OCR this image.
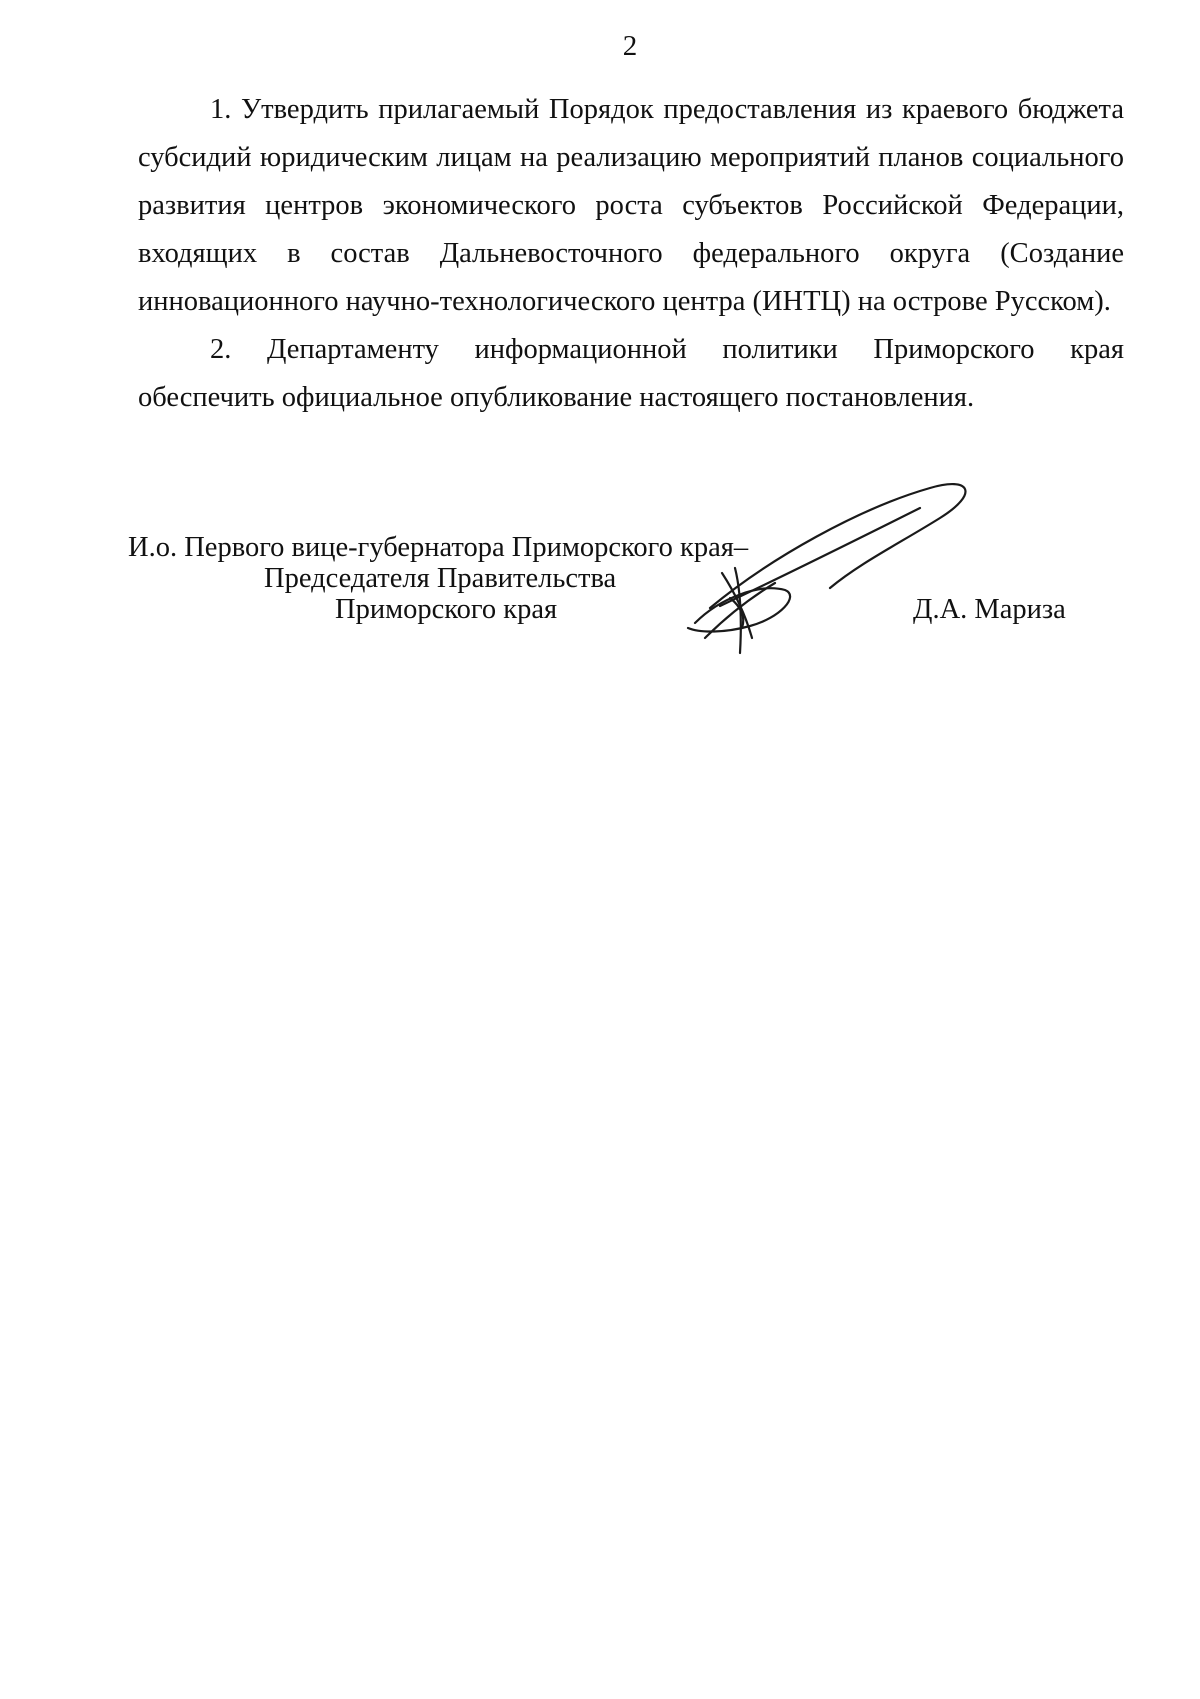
2

1. Утвердить прилагаемый Порядок предоставления из краевого бюджета субсидий юридическим лицам на реализацию мероприятий планов социального развития центров экономического роста субъектов Российской Федерации, входящих в состав Дальневосточного федерального округа (Создание инновационного научно-технологического центра (ИНТЦ) на острове Русском).

2. Департаменту информационной политики Приморского края обеспечить официальное опубликование настоящего постановления.

И.о. Первого вице-губернатора Приморского края–
Председателя Правительства
Приморского края	Д.А. Мариза
